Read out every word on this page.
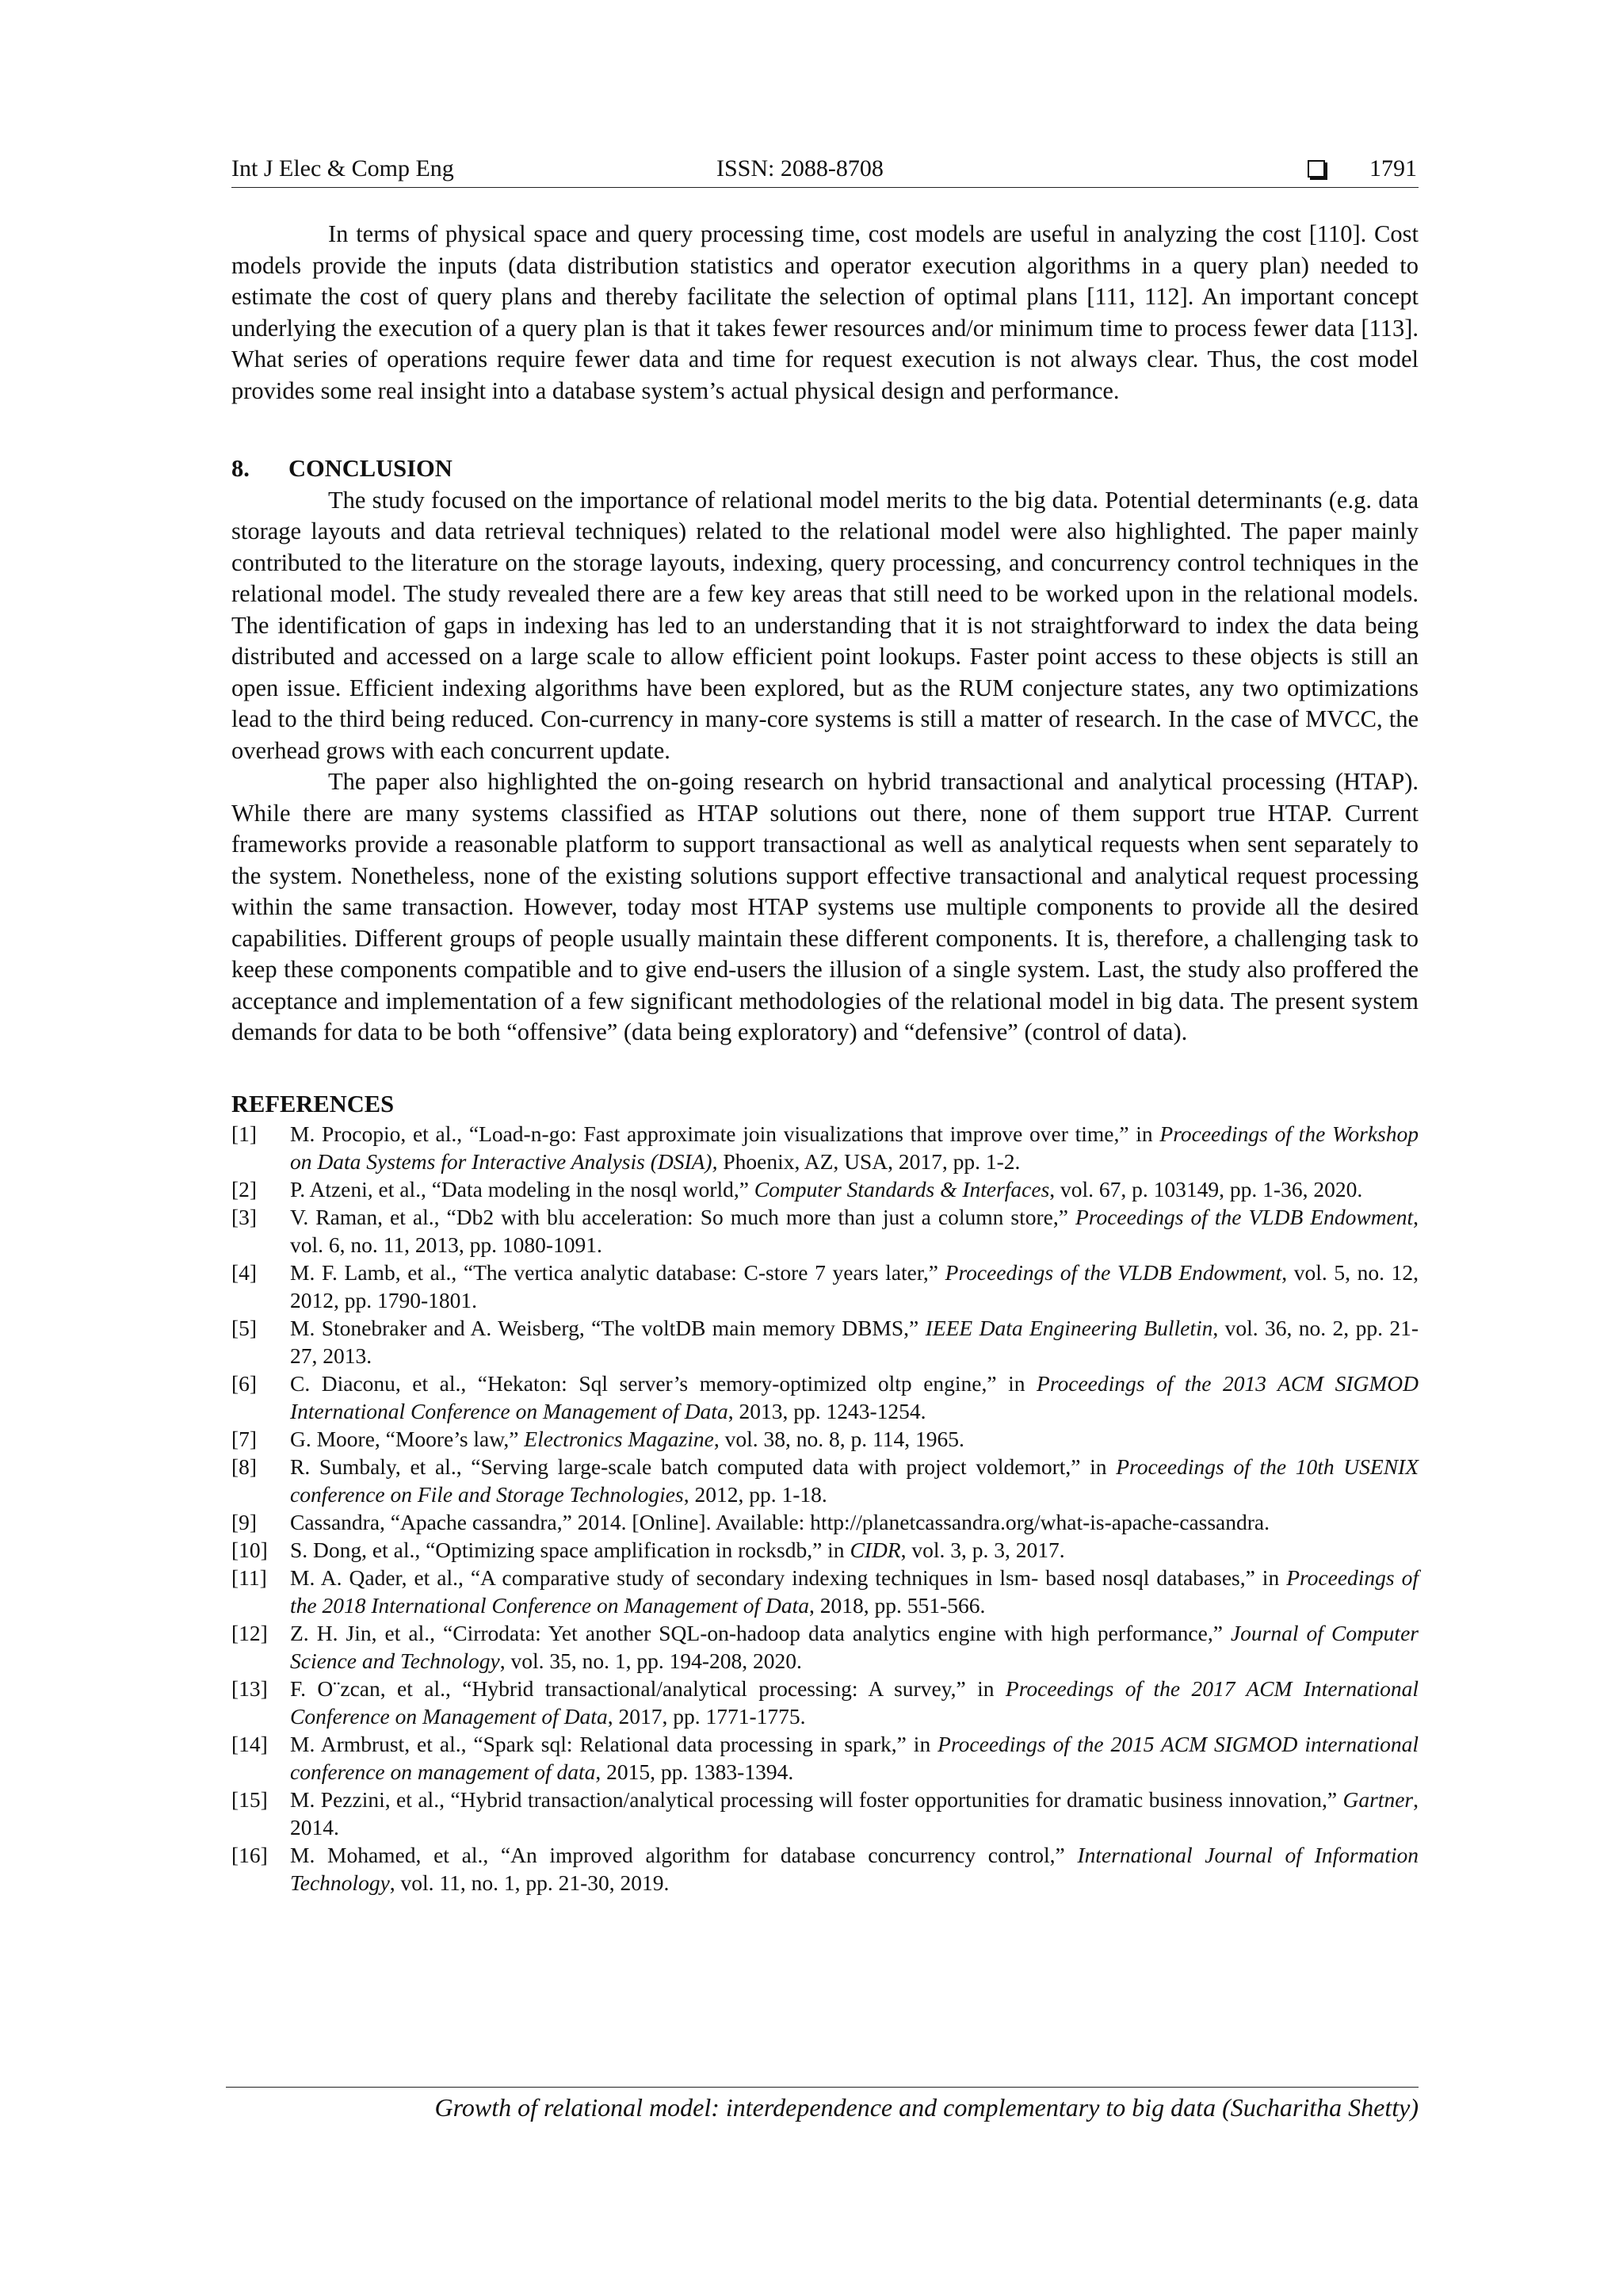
Int J Elec & Comp Eng	ISSN: 2088-8708	1791

In terms of physical space and query processing time, cost models are useful in analyzing the cost [110]. Cost models provide the inputs (data distribution statistics and operator execution algorithms in a query plan) needed to estimate the cost of query plans and thereby facilitate the selection of optimal plans [111, 112]. An important concept underlying the execution of a query plan is that it takes fewer resources and/or minimum time to process fewer data [113]. What series of operations require fewer data and time for request execution is not always clear. Thus, the cost model provides some real insight into a database system’s actual physical design and performance.

8. CONCLUSION

The study focused on the importance of relational model merits to the big data. Potential determinants (e.g. data storage layouts and data retrieval techniques) related to the relational model were also highlighted. The paper mainly contributed to the literature on the storage layouts, indexing, query processing, and concurrency control techniques in the relational model. The study revealed there are a few key areas that still need to be worked upon in the relational models. The identification of gaps in indexing has led to an understanding that it is not straightforward to index the data being distributed and accessed on a large scale to allow efficient point lookups. Faster point access to these objects is still an open issue. Efficient indexing algorithms have been explored, but as the RUM conjecture states, any two optimizations lead to the third being reduced. Con-currency in many-core systems is still a matter of research. In the case of MVCC, the overhead grows with each concurrent update.

The paper also highlighted the on-going research on hybrid transactional and analytical processing (HTAP). While there are many systems classified as HTAP solutions out there, none of them support true HTAP. Current frameworks provide a reasonable platform to support transactional as well as analytical requests when sent separately to the system. Nonetheless, none of the existing solutions support effective transactional and analytical request processing within the same transaction. However, today most HTAP systems use multiple components to provide all the desired capabilities. Different groups of people usually maintain these different components. It is, therefore, a challenging task to keep these components compatible and to give end-users the illusion of a single system. Last, the study also proffered the acceptance and implementation of a few significant methodologies of the relational model in big data. The present system demands for data to be both “offensive” (data being exploratory) and “defensive” (control of data).

REFERENCES
[1] M. Procopio, et al., “Load-n-go: Fast approximate join visualizations that improve over time,” in Proceedings of the Workshop on Data Systems for Interactive Analysis (DSIA), Phoenix, AZ, USA, 2017, pp. 1-2.
[2] P. Atzeni, et al., “Data modeling in the nosql world,” Computer Standards & Interfaces, vol. 67, p. 103149, pp. 1-36, 2020.
[3] V. Raman, et al., “Db2 with blu acceleration: So much more than just a column store,” Proceedings of the VLDB Endowment, vol. 6, no. 11, 2013, pp. 1080-1091.
[4] M. F. Lamb, et al., “The vertica analytic database: C-store 7 years later,” Proceedings of the VLDB Endowment, vol. 5, no. 12, 2012, pp. 1790-1801.
[5] M. Stonebraker and A. Weisberg, “The voltDB main memory DBMS,” IEEE Data Engineering Bulletin, vol. 36, no. 2, pp. 21-27, 2013.
[6] C. Diaconu, et al., “Hekaton: Sql server’s memory-optimized oltp engine,” in Proceedings of the 2013 ACM SIGMOD International Conference on Management of Data, 2013, pp. 1243-1254.
[7] G. Moore, “Moore’s law,” Electronics Magazine, vol. 38, no. 8, p. 114, 1965.
[8] R. Sumbaly, et al., “Serving large-scale batch computed data with project voldemort,” in Proceedings of the 10th USENIX conference on File and Storage Technologies, 2012, pp. 1-18.
[9] Cassandra, “Apache cassandra,” 2014. [Online]. Available: http://planetcassandra.org/what-is-apache-cassandra.
[10] S. Dong, et al., “Optimizing space amplification in rocksdb,” in CIDR, vol. 3, p. 3, 2017.
[11] M. A. Qader, et al., “A comparative study of secondary indexing techniques in lsm- based nosql databases,” in Proceedings of the 2018 International Conference on Management of Data, 2018, pp. 551-566.
[12] Z. H. Jin, et al., “Cirrodata: Yet another SQL-on-hadoop data analytics engine with high performance,” Journal of Computer Science and Technology, vol. 35, no. 1, pp. 194-208, 2020.
[13] F. O¨zcan, et al., “Hybrid transactional/analytical processing: A survey,” in Proceedings of the 2017 ACM International Conference on Management of Data, 2017, pp. 1771-1775.
[14] M. Armbrust, et al., “Spark sql: Relational data processing in spark,” in Proceedings of the 2015 ACM SIGMOD international conference on management of data, 2015, pp. 1383-1394.
[15] M. Pezzini, et al., “Hybrid transaction/analytical processing will foster opportunities for dramatic business innovation,” Gartner, 2014.
[16] M. Mohamed, et al., “An improved algorithm for database concurrency control,” International Journal of Information Technology, vol. 11, no. 1, pp. 21-30, 2019.
Growth of relational model: interdependence and complementary to big data (Sucharitha Shetty)
